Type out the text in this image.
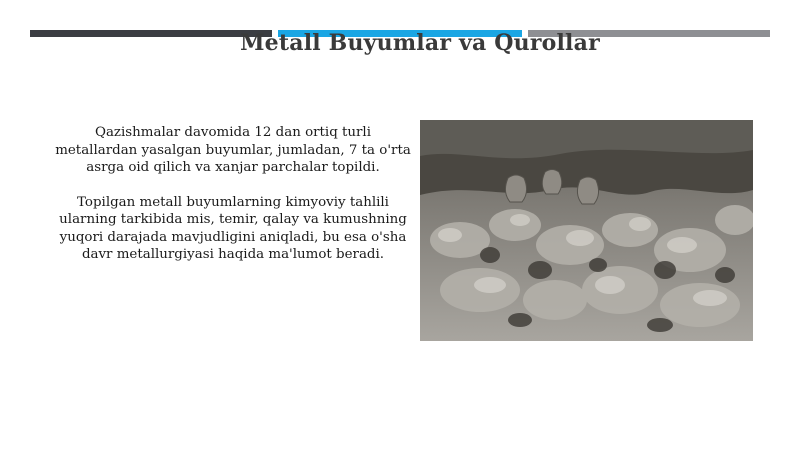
Metall Buyumlar va Qurollar

Qazishmalar davomida 12 dan ortiq turli metallardan yasalgan buyumlar, jumladan, 7 ta o'rta asrga oid qilich va xanjar parchalar topildi.

Topilgan metall buyumlarning kimyoviy tahlili ularning tarkibida mis, temir, qalay va kumushning yuqori darajada mavjudligini aniqladi, bu esa o'sha davr metallurgiyasi haqida ma'lumot beradi.
